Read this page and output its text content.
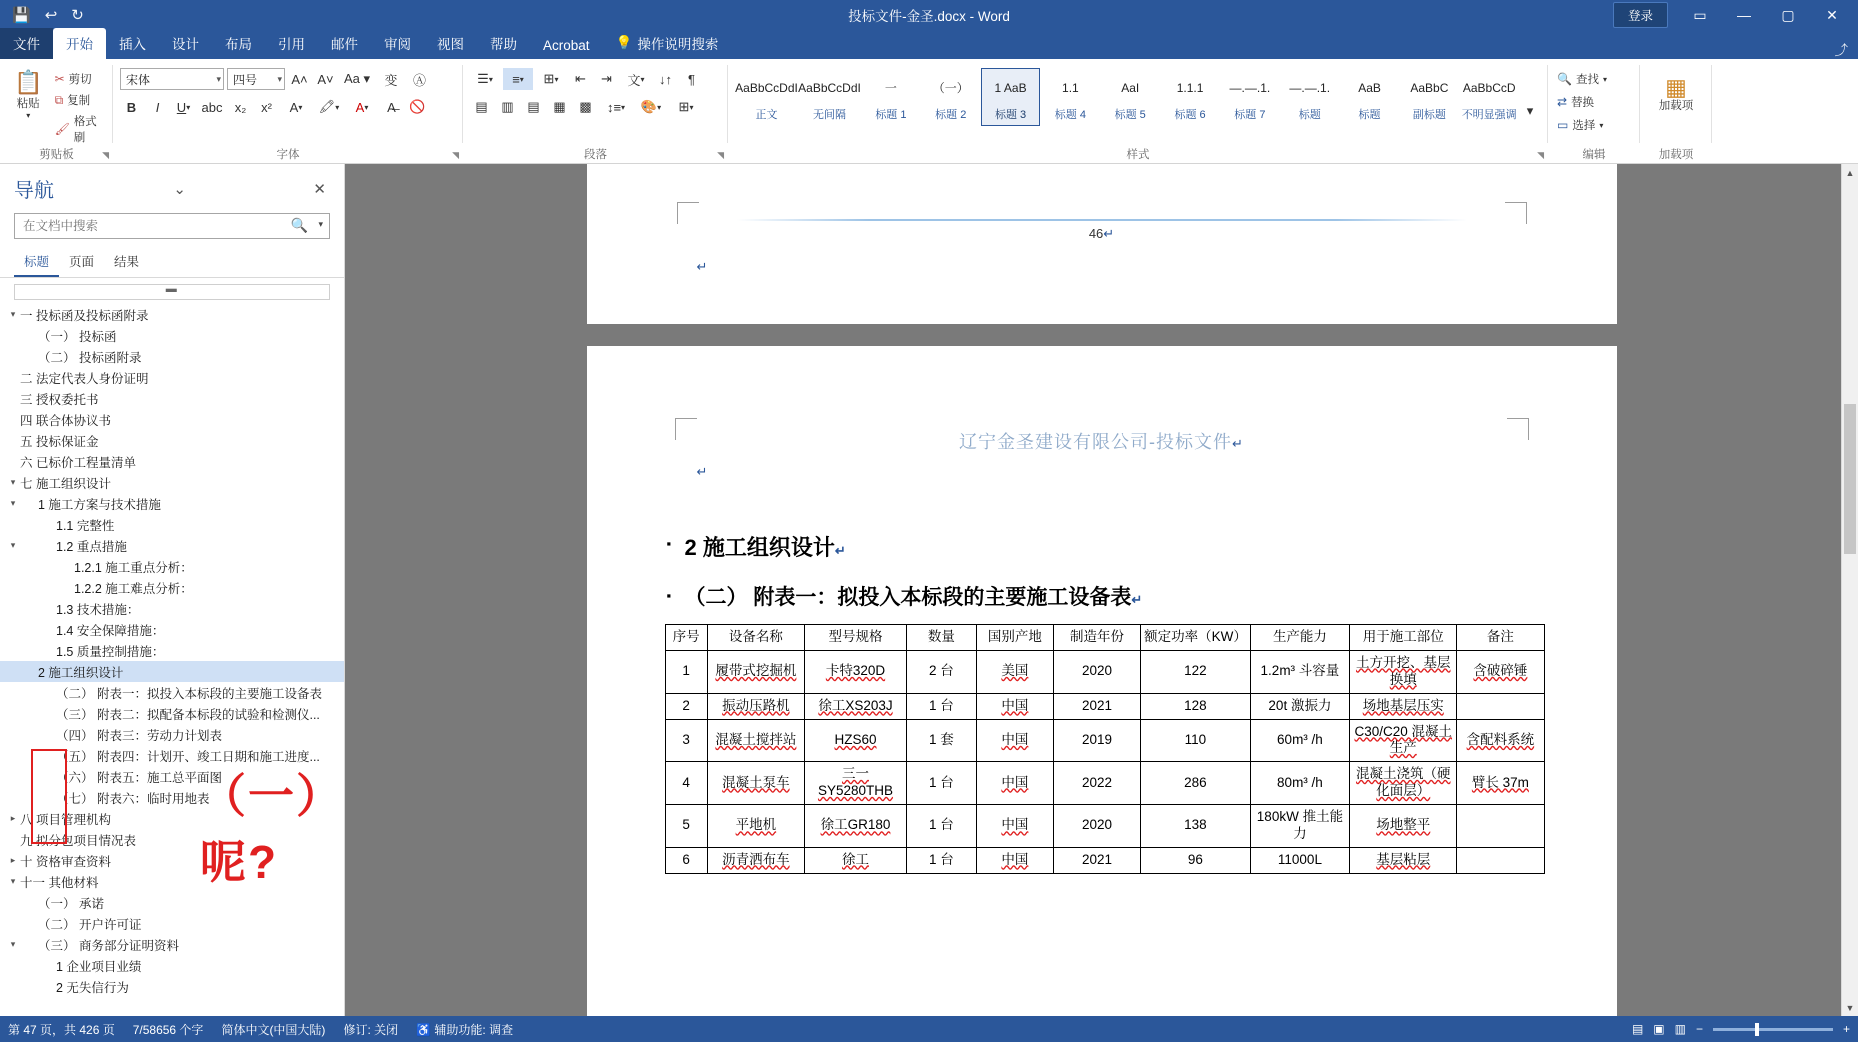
💾 ↩ ↻	投标文件-金圣.docx - Word	登录	▭	—	▢	✕
文件	开始	插入	设计	布局	引用	邮件	审阅	视图	帮助	Acrobat	💡 操作说明搜索	⤴
📋
粘贴
▾
✂ 剪切
⧉ 复制
🖌 格式刷
剪贴板	◥
宋体	▾ 四号	▾ A˄ A˅ Aa ▾	变	Ⓐ
B I U ▾ abc x₂	x²	A ▾	🖍 ▾ A ▾	A̶	🚫
字体	◥
☰ ▾	≡ ▾	⊞ ▾	⇤	⇥	文 ▾	↓↑	¶
▤	▥	▤	▦	▩	↕≡ ▾	🎨 ▾	⊞ ▾
段落	◥
AaBbCcDdI
正文
AaBbCcDdI
无间隔
一
标题 1
（一）
标题 2
1 AaB
标题 3
1.1
标题 4
AaI
标题 5
1.1.1
标题 6
—.—.1.
标题 7
—.—.1.
标题
AaB
标题
AaBbC
副标题
AaBbCcD
不明显强调 ▾
样式	◥
🔍 查找 ▾
⇄ 替换
▭ 选择 ▾
编辑
▦
加载项
加载项
导航	⌄	✕
在文档中搜索
🔍 ▾
标题	页面	结果
▬
▾ 一 投标函及投标函附录
（一） 投标函
（二） 投标函附录
二 法定代表人身份证明
三 授权委托书
四 联合体协议书
五 投标保证金
六 已标价工程量清单
▾ 七 施工组织设计
▾	1 施工方案与技术措施
1.1 完整性
▾	1.2 重点措施
1.2.1 施工重点分析：
1.2.2 施工难点分析：
1.3 技术措施：
1.4 安全保障措施：
1.5 质量控制措施：
2 施工组织设计
（二） 附表一：拟投入本标段的主要施工设备表
（三） 附表二：拟配备本标段的试验和检测仪...
（四） 附表三：劳动力计划表
（五） 附表四：计划开、竣工日期和施工进度...
（六） 附表五：施工总平面图
（七） 附表六：临时用地表
▸ 八 项目管理机构
九 拟分包项目情况表
▸ 十 资格审查资料
▾ 十一 其他材料
（一） 承诺
（二） 开户许可证
▾	（三） 商务部分证明资料
1 企业项目业绩
2 无失信行为
（一） 呢?
46↵
↵
辽宁金圣建设有限公司-投标文件↵
↵
▪ 2 施工组织设计↵
▪ （二） 附表一：拟投入本标段的主要施工设备表↵
序号	设备名称	型号规格	数量	国别产地	制造年份	额定功率（KW）	生产能力	用于施工部位	备注
1	履带式挖掘机	卡特320D	2 台	美国	2020	122	1.2m³ 斗容量	土方开挖、基层换填	含破碎锤
2	振动压路机	徐工XS203J	1 台	中国	2021	128	20t 激振力	场地基层压实	
3	混凝土搅拌站	HZS60	1 套	中国	2019	110	60m³ /h	C30/C20 混凝土生产	含配料系统
4	混凝土泵车	三一SY5280THB	1 台	中国	2022	286	80m³ /h	混凝土浇筑（硬化面层）	臂长 37m
5	平地机	徐工GR180	1 台	中国	2020	138	180kW 推土能力	场地整平	
6	沥青洒布车	徐工	1 台	中国	2021	96	11000L	基层粘层	
▲
▼
第 47 页，共 426 页 7/58656 个字 简体中文(中国大陆) 修订: 关闭 ♿ 辅助功能: 调查	▤ ▣ ▥ −	+
